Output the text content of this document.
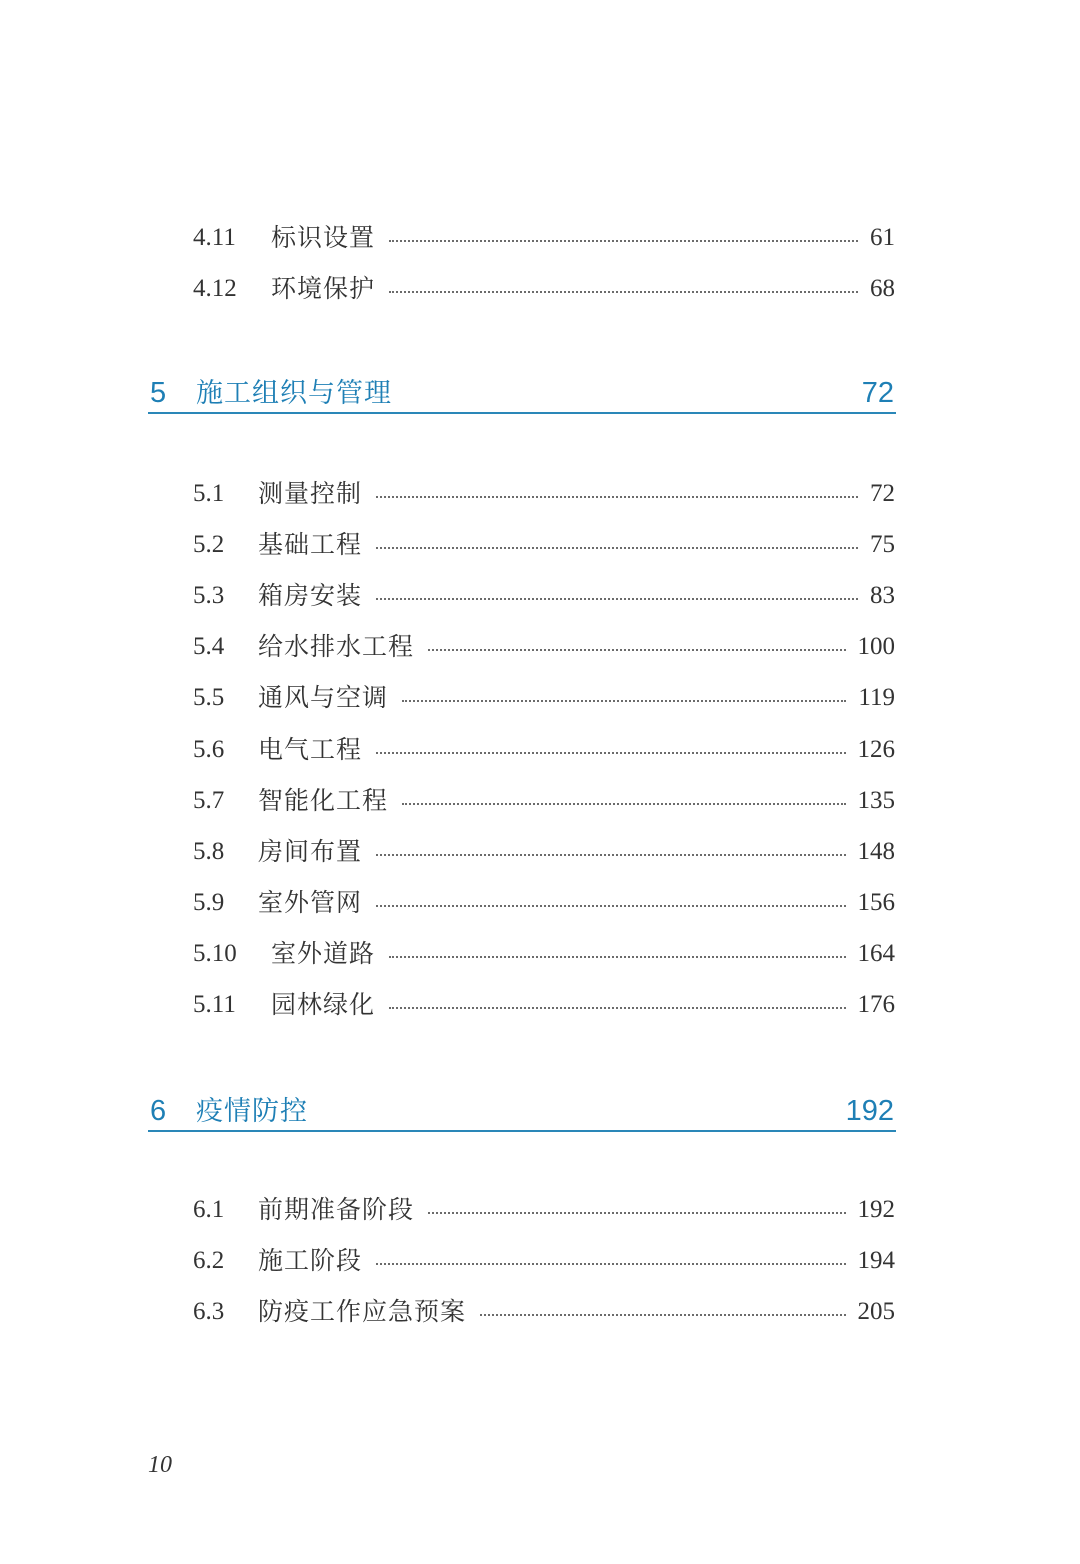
4.11	标识设置	61
4.12	环境保护	68
5	施工组织与管理	72
5.1	测量控制	72
5.2	基础工程	75
5.3	箱房安装	83
5.4	给水排水工程	100
5.5	通风与空调	119
5.6	电气工程	126
5.7	智能化工程	135
5.8	房间布置	148
5.9	室外管网	156
5.10	室外道路	164
5.11	园林绿化	176
6	疫情防控	192
6.1	前期准备阶段	192
6.2	施工阶段	194
6.3	防疫工作应急预案	205
10
